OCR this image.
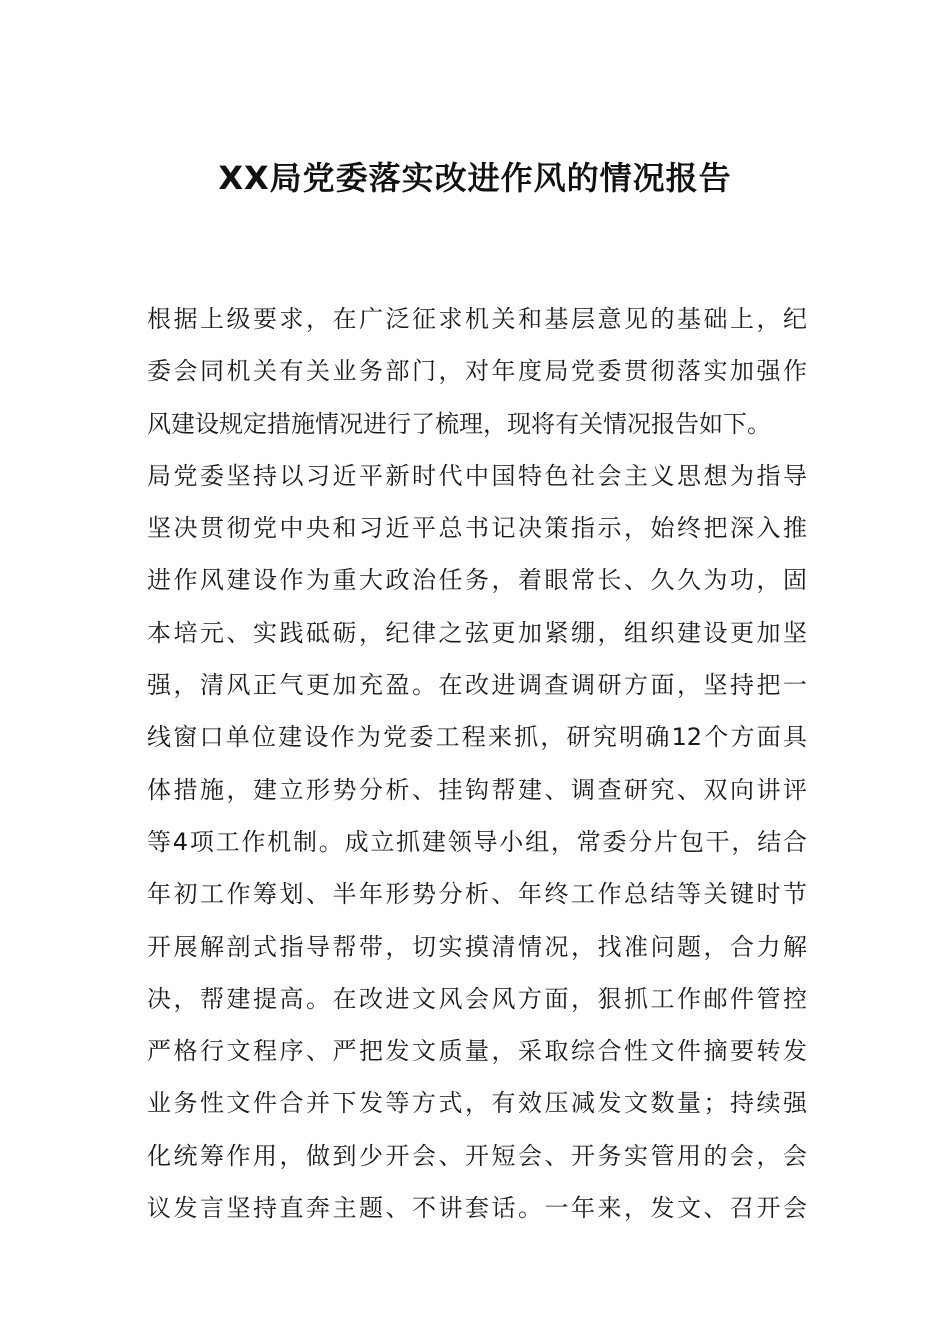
XX局党委落实改进作风的情况报告
根据上级要求，在广泛征求机关和基层意见的基础上，纪
委会同机关有关业务部门，对年度局党委贯彻落实加强作
风建设规定措施情况进行了梳理，现将有关情况报告如下。
局党委坚持以习近平新时代中国特色社会主义思想为指导
坚决贯彻党中央和习近平总书记决策指示，始终把深入推
进作风建设作为重大政治任务，着眼常长、久久为功，固
本培元、实践砥砺，纪律之弦更加紧绷，组织建设更加坚
强，清风正气更加充盈。在改进调查调研方面，坚持把一
线窗口单位建设作为党委工程来抓，研究明确12个方面具
体措施，建立形势分析、挂钩帮建、调查研究、双向讲评
等4项工作机制。成立抓建领导小组，常委分片包干，结合
年初工作筹划、半年形势分析、年终工作总结等关键时节
开展解剖式指导帮带，切实摸清情况，找准问题，合力解
决，帮建提高。在改进文风会风方面，狠抓工作邮件管控
严格行文程序、严把发文质量，采取综合性文件摘要转发
业务性文件合并下发等方式，有效压减发文数量；持续强
化统筹作用，做到少开会、开短会、开务实管用的会，会
议发言坚持直奔主题、不讲套话。一年来，发文、召开会
